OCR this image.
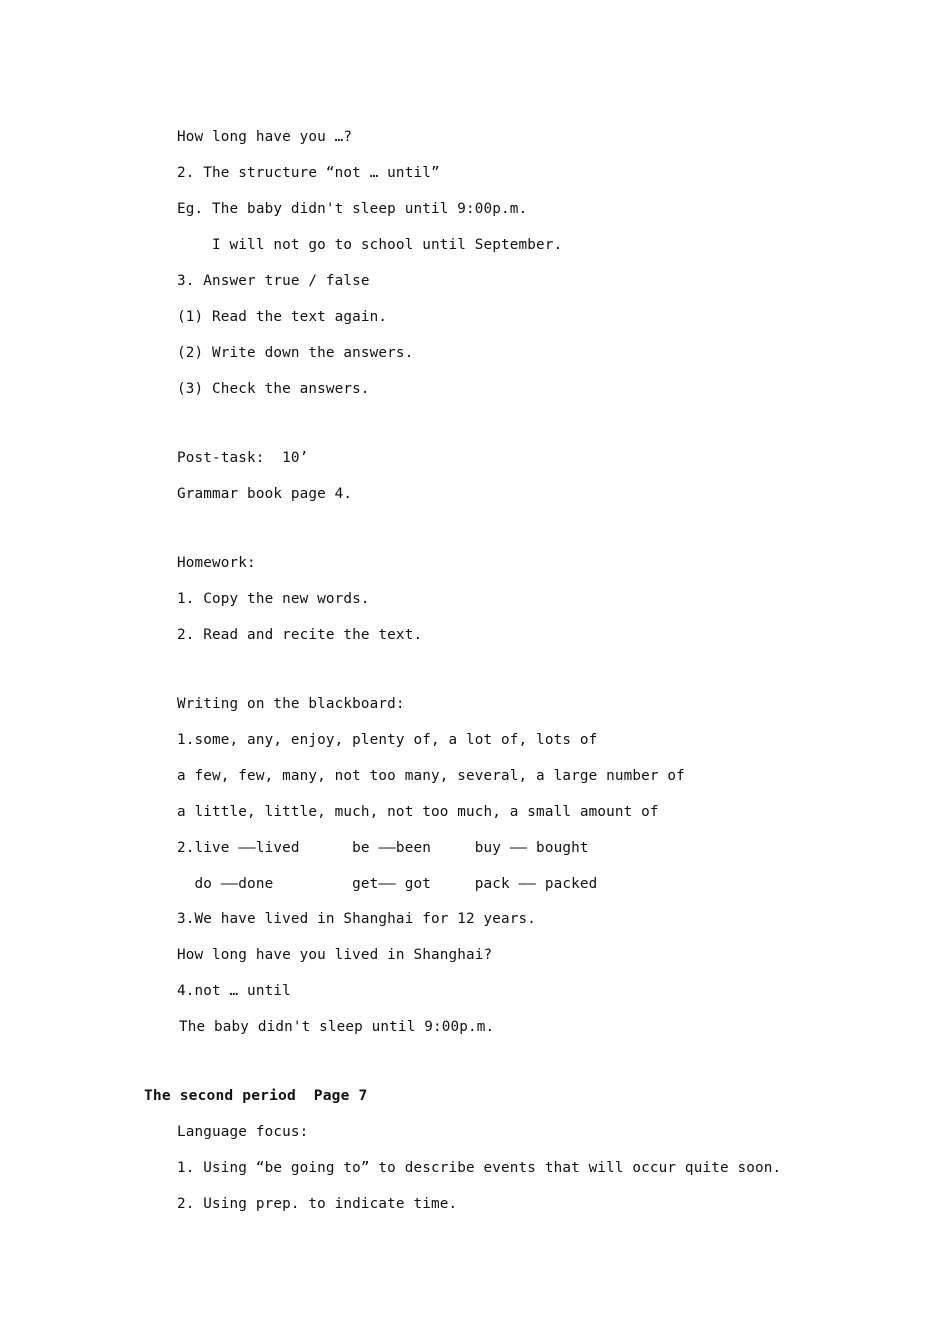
How long have you …?
2. The structure “not … until”
Eg. The baby didn't sleep until 9:00p.m.
I will not go to school until September.
3. Answer true / false
(1) Read the text again.
(2) Write down the answers.
(3) Check the answers.
Post-task:  10’
Grammar book page 4.
Homework:
1. Copy the new words.
2. Read and recite the text.
Writing on the blackboard:
1.some, any, enjoy, plenty of, a lot of, lots of
a few, few, many, not too many, several, a large number of
a little, little, much, not too much, a small amount of
2.live ——lived      be ——been     buy —— bought
do ——done         get—— got     pack —— packed
3.We have lived in Shanghai for 12 years.
How long have you lived in Shanghai?
4.not … until
The baby didn't sleep until 9:00p.m.
The second period  Page 7
Language focus:
1. Using “be going to” to describe events that will occur quite soon.
2. Using prep. to indicate time.
